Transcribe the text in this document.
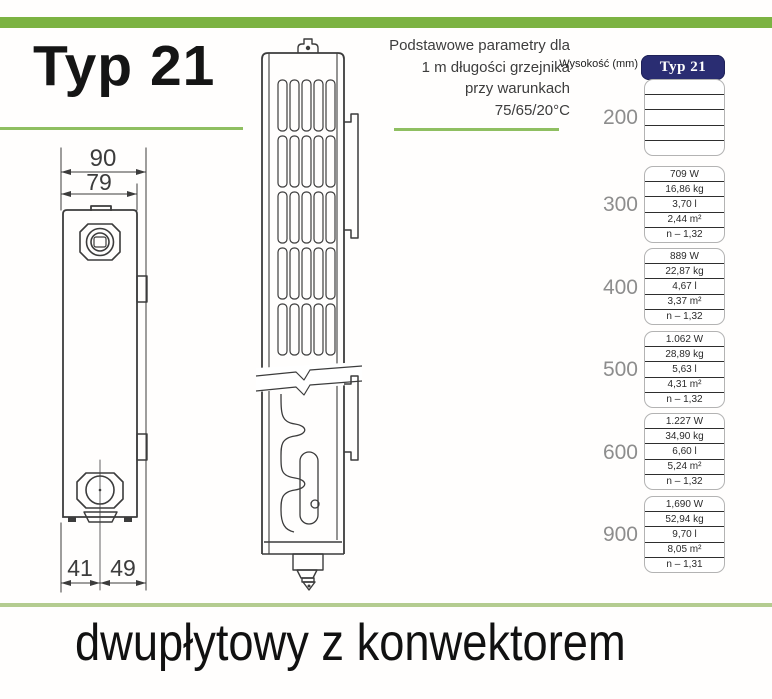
Typ 21	Podstawowe parametry dla
1 m długości grzejnika
przy warunkach
75/65/20°C
90
79
41 49
Wysokość (mm)	Typ 21
200
300
709 W
16,86 kg
3,70 l
2,44 m²
n – 1,32
400
889 W
22,87 kg
4,67 l
3,37 m²
n – 1,32
500
1.062 W
28,89 kg
5,63 l
4,31 m²
n – 1,32
600
1.227 W
34,90 kg
6,60 l
5,24 m²
n – 1,32
900
1,690 W
52,94 kg
9,70 l
8,05 m²
n – 1,31
dwupłytowy z konwektorem
